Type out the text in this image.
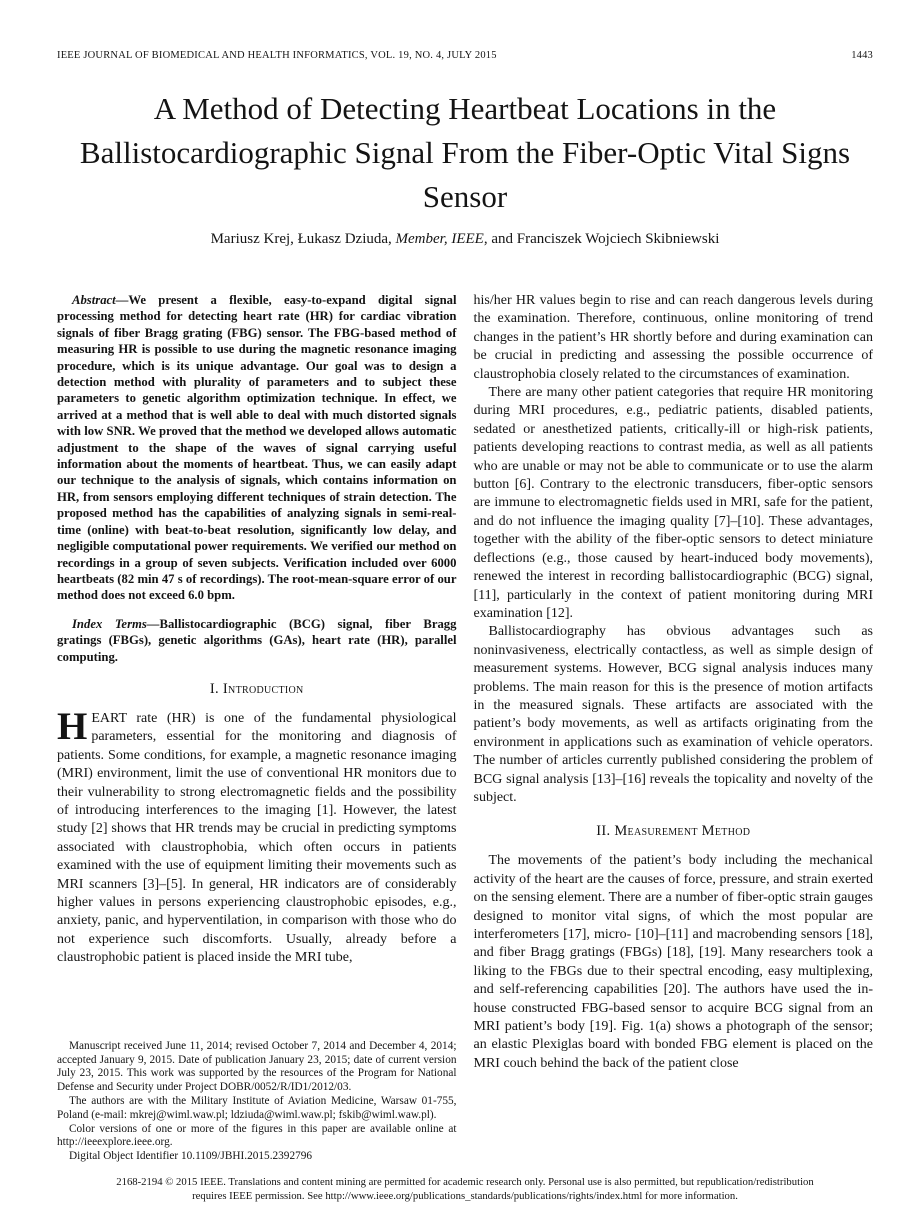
IEEE JOURNAL OF BIOMEDICAL AND HEALTH INFORMATICS, VOL. 19, NO. 4, JULY 2015	1443
A Method of Detecting Heartbeat Locations in the Ballistocardiographic Signal From the Fiber-Optic Vital Signs Sensor
Mariusz Krej, Łukasz Dziuda, Member, IEEE, and Franciszek Wojciech Skibniewski

Abstract—We present a flexible, easy-to-expand digital signal processing method for detecting heart rate (HR) for cardiac vibration signals of fiber Bragg grating (FBG) sensor. The FBG-based method of measuring HR is possible to use during the magnetic resonance imaging procedure, which is its unique advantage. Our goal was to design a detection method with plurality of parameters and to subject these parameters to genetic algorithm optimization technique. In effect, we arrived at a method that is well able to deal with much distorted signals with low SNR. We proved that the method we developed allows automatic adjustment to the shape of the waves of signal carrying useful information about the moments of heartbeat. Thus, we can easily adapt our technique to the analysis of signals, which contains information on HR, from sensors employing different techniques of strain detection. The proposed method has the capabilities of analyzing signals in semi-real-time (online) with beat-to-beat resolution, significantly low delay, and negligible computational power requirements. We verified our method on recordings in a group of seven subjects. Verification included over 6000 heartbeats (82 min 47 s of recordings). The root-mean-square error of our method does not exceed 6.0 bpm.

Index Terms—Ballistocardiographic (BCG) signal, fiber Bragg gratings (FBGs), genetic algorithms (GAs), heart rate (HR), parallel computing.

I. Introduction

HEART rate (HR) is one of the fundamental physiological parameters, essential for the monitoring and diagnosis of patients. Some conditions, for example, a magnetic resonance imaging (MRI) environment, limit the use of conventional HR monitors due to their vulnerability to strong electromagnetic fields and the possibility of introducing interferences to the imaging [1]. However, the latest study [2] shows that HR trends may be crucial in predicting symptoms associated with claustrophobia, which often occurs in patients examined with the use of equipment limiting their movements such as MRI scanners [3]–[5]. In general, HR indicators are of considerably higher values in persons experiencing claustrophobic episodes, e.g., anxiety, panic, and hyperventilation, in comparison with those who do not experience such discomforts. Usually, already before a claustrophobic patient is placed inside the MRI tube,

Manuscript received June 11, 2014; revised October 7, 2014 and December 4, 2014; accepted January 9, 2015. Date of publication January 23, 2015; date of current version July 23, 2015. This work was supported by the resources of the Program for National Defense and Security under Project DOBR/0052/R/ID1/2012/03.

The authors are with the Military Institute of Aviation Medicine, Warsaw 01-755, Poland (e-mail: mkrej@wiml.waw.pl; ldziuda@wiml.waw.pl; fskib@wiml.waw.pl).

Color versions of one or more of the figures in this paper are available online at http://ieeexplore.ieee.org.

Digital Object Identifier 10.1109/JBHI.2015.2392796

his/her HR values begin to rise and can reach dangerous levels during the examination. Therefore, continuous, online monitoring of trend changes in the patient’s HR shortly before and during examination can be crucial in predicting and assessing the possible occurrence of claustrophobia closely related to the circumstances of examination.

There are many other patient categories that require HR monitoring during MRI procedures, e.g., pediatric patients, disabled patients, sedated or anesthetized patients, critically-ill or high-risk patients, patients developing reactions to contrast media, as well as all patients who are unable or may not be able to communicate or to use the alarm button [6]. Contrary to the electronic transducers, fiber-optic sensors are immune to electromagnetic fields used in MRI, safe for the patient, and do not influence the imaging quality [7]–[10]. These advantages, together with the ability of the fiber-optic sensors to detect miniature deflections (e.g., those caused by heart-induced body movements), renewed the interest in recording ballistocardiographic (BCG) signal, [11], particularly in the context of patient monitoring during MRI examination [12].

Ballistocardiography has obvious advantages such as noninvasiveness, electrically contactless, as well as simple design of measurement systems. However, BCG signal analysis induces many problems. The main reason for this is the presence of motion artifacts in the measured signals. These artifacts are associated with the patient’s body movements, as well as artifacts originating from the environment in applications such as examination of vehicle operators. The number of articles currently published considering the problem of BCG signal analysis [13]–[16] reveals the topicality and novelty of the subject.

II. Measurement Method

The movements of the patient’s body including the mechanical activity of the heart are the causes of force, pressure, and strain exerted on the sensing element. There are a number of fiber-optic strain gauges designed to monitor vital signs, of which the most popular are interferometers [17], micro- [10]–[11] and macrobending sensors [18], and fiber Bragg gratings (FBGs) [18], [19]. Many researchers took a liking to the FBGs due to their spectral encoding, easy multiplexing, and self-referencing capabilities [20]. The authors have used the in-house constructed FBG-based sensor to acquire BCG signal from an MRI patient’s body [19]. Fig. 1(a) shows a photograph of the sensor; an elastic Plexiglas board with bonded FBG element is placed on the MRI couch behind the back of the patient close

2168-2194 © 2015 IEEE. Translations and content mining are permitted for academic research only. Personal use is also permitted, but republication/redistribution
requires IEEE permission. See http://www.ieee.org/publications_standards/publications/rights/index.html for more information.
